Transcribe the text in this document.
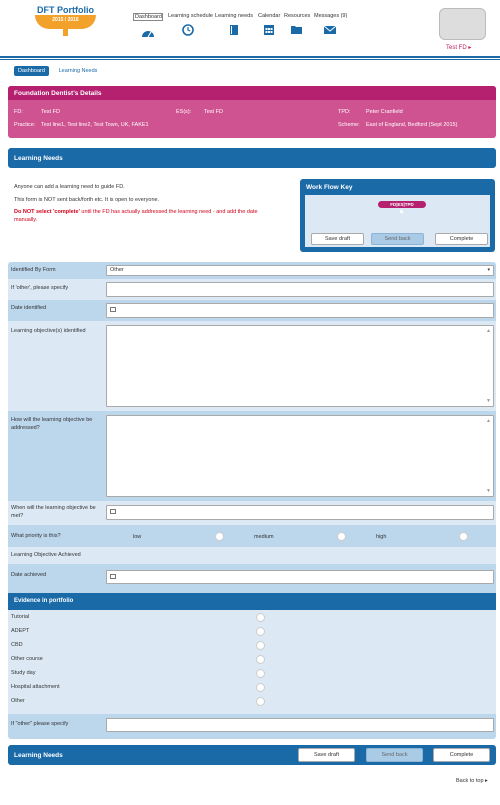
DFT Portfolio
2015 / 2016	Dashboard Learning schedule Learning needs Calendar Resources Messages (9)
Test FD ▸
Dashboard Learning Needs
Foundation Dentist's Details
FD:	Test FD	ES(s): Test FD	TPD:	Peter Cranfield
Practice: Test line1, Test line2, Test Town, UK, FAKE1	Scheme: East of England, Bedford (Sept 2015)
Learning Needs
Anyone can add a learning need to guide FD.
This form is NOT sent back/forth etc. It is open to everyone.
Do NOT select 'complete' until the FD has actually addressed the learning need - and add the date
manually.
Work Flow Key
FD|ES|TPD
▲
Save draft	Send back	Complete
Identified By Form	Other	▾
If 'other', please specify
Date identified
Learning objective(s) identified	▲
▼
How will the learning objective be addressed?
▲
▼
When will the learning objective be met?
What priority is this?	low	medium	high
Learning Objective Achieved
Date achieved
Tutorial
ADEPT
CBD
Other course
Study day
Hospital attachment
Other
If "other" please specify
Evidence in portfolio
Learning Needs	Save draft	Send back	Complete
Back to top ▸
